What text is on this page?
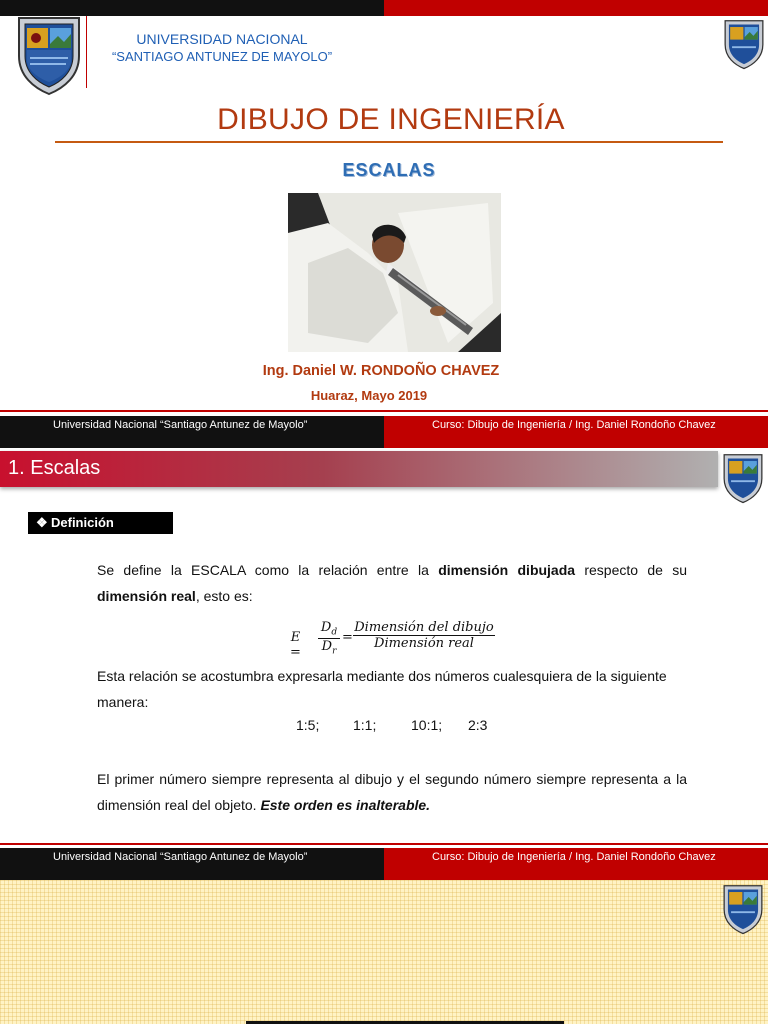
UNIVERSIDAD NACIONAL
“SANTIAGO ANTUNEZ DE MAYOLO”
DIBUJO DE INGENIERÍA
ESCALAS
Ing. Daniel W. RONDOÑO CHAVEZ
Huaraz, Mayo 2019
Universidad Nacional “Santiago Antunez de Mayolo”	Curso: Dibujo de Ingeniería / Ing. Daniel Rondoño Chavez
1. Escalas
❖ Definición
Se define la ESCALA como la relación entre la dimensión dibujada respecto de su dimensión real, esto es:
$E = \frac{D_d}{D_r}$ =
Dimensión del dibujo
Dimensión real
Esta relación se acostumbra expresarla mediante dos números cualesquiera de la siguiente manera:
1:5; 1:1; 10:1; 2:3
El primer número siempre representa al dibujo y el segundo número siempre representa a la dimensión real del objeto. Este orden es inalterable.
Universidad Nacional “Santiago Antunez de Mayolo”	Curso: Dibujo de Ingeniería / Ing. Daniel Rondoño Chavez
